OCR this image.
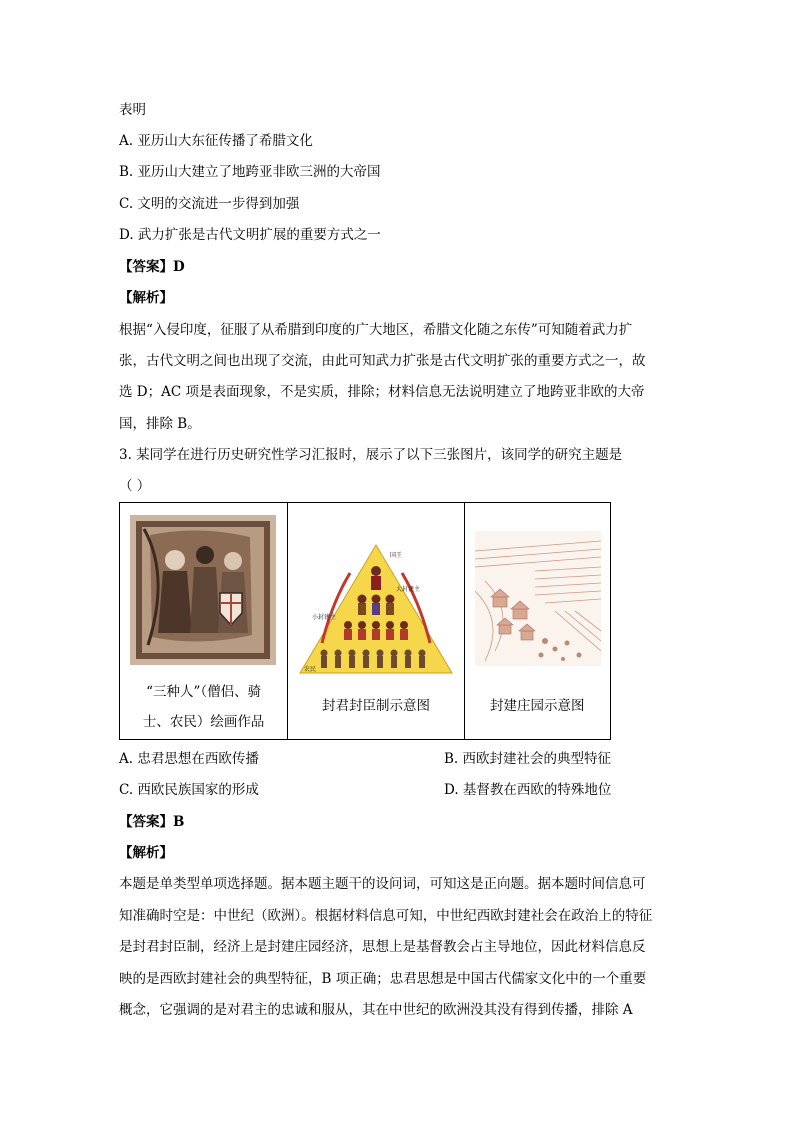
表明
A. 亚历山大东征传播了希腊文化
B. 亚历山大建立了地跨亚非欧三洲的大帝国
C. 文明的交流进一步得到加强
D. 武力扩张是古代文明扩展的重要方式之一
【答案】D
【解析】
根据“入侵印度，征服了从希腊到印度的广大地区，希腊文化随之东传”可知随着武力扩
张，古代文明之间也出现了交流，由此可知武力扩张是古代文明扩张的重要方式之一，故
选 D；AC 项是表面现象，不是实质，排除；材料信息无法说明建立了地跨亚非欧的大帝
国，排除 B。
3. 某同学在进行历史研究性学习汇报时，展示了以下三张图片，该同学的研究主题是
（ ）
“三种人”（僧侣、骑
士、农民）绘画作品

国王
大封建主
小封建主
农民
封君封臣制示意图	封建庄园示意图
A. 忠君思想在西欧传播	B. 西欧封建社会的典型特征
C. 西欧民族国家的形成	D. 基督教在西欧的特殊地位
【答案】B
【解析】
本题是单类型单项选择题。据本题主题干的设问词，可知这是正向题。据本题时间信息可
知准确时空是：中世纪（欧洲）。根据材料信息可知，中世纪西欧封建社会在政治上的特征
是封君封臣制，经济上是封建庄园经济，思想上是基督教会占主导地位，因此材料信息反
映的是西欧封建社会的典型特征，B 项正确；忠君思想是中国古代儒家文化中的一个重要
概念，它强调的是对君主的忠诚和服从，其在中世纪的欧洲没其没有得到传播，排除 A
